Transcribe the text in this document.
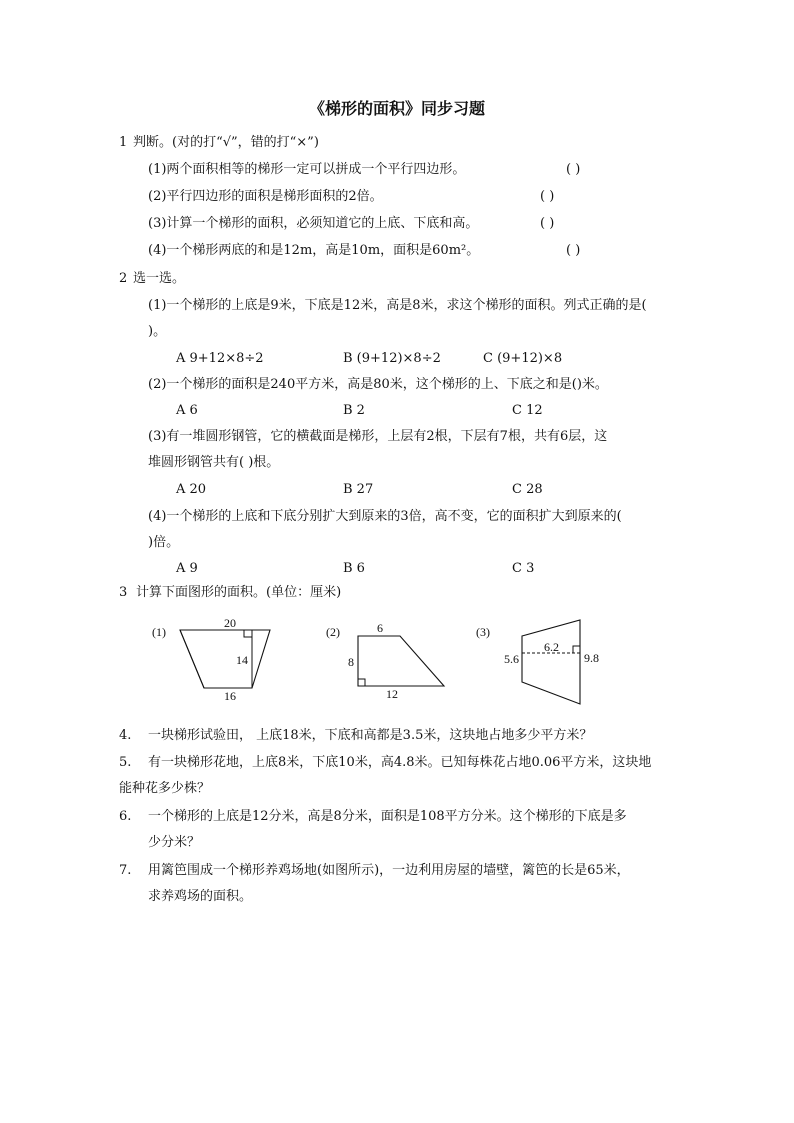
《梯形的面积》同步习题
1 判断。(对的打“√”，错的打“×”)
(1)两个面积相等的梯形一定可以拼成一个平行四边形。	( )
(2)平行四边形的面积是梯形面积的2倍。	( )
(3)计算一个梯形的面积，必须知道它的上底、下底和高。	( )
(4)一个梯形两底的和是12m，高是10m，面积是60m²。	( )
2 选一选。
(1)一个梯形的上底是9米，下底是12米，高是8米，求这个梯形的面积。列式正确的是(
)。
A 9+12×8÷2	B (9+12)×8÷2	C (9+12)×8
(2)一个梯形的面积是240平方米，高是80米，这个梯形的上、下底之和是()米。
A 6	B 2	C 12
(3)有一堆圆形钢管，它的横截面是梯形，上层有2根，下层有7根，共有6层，这
堆圆形钢管共有( )根。
A 20	B 27	C 28
(4)一个梯形的上底和下底分别扩大到原来的3倍，高不变，它的面积扩大到原来的(
)倍。
A 9	B 6	C 3
3 计算下面图形的面积。(单位：厘米)
(1)
20
14
16
(2)	6
8
12
(3)
5.6
6.2
9.8
4. 一块梯形试验田， 上底18米，下底和高都是3.5米，这块地占地多少平方米？
5. 有一块梯形花地，上底8米，下底10米，高4.8米。已知每株花占地0.06平方米，这块地
能种花多少株？
6. 一个梯形的上底是12分米，高是8分米，面积是108平方分米。这个梯形的下底是多
少分米？
7. 用篱笆围成一个梯形养鸡场地(如图所示)，一边利用房屋的墙壁，篱笆的长是65米，
求养鸡场的面积。
